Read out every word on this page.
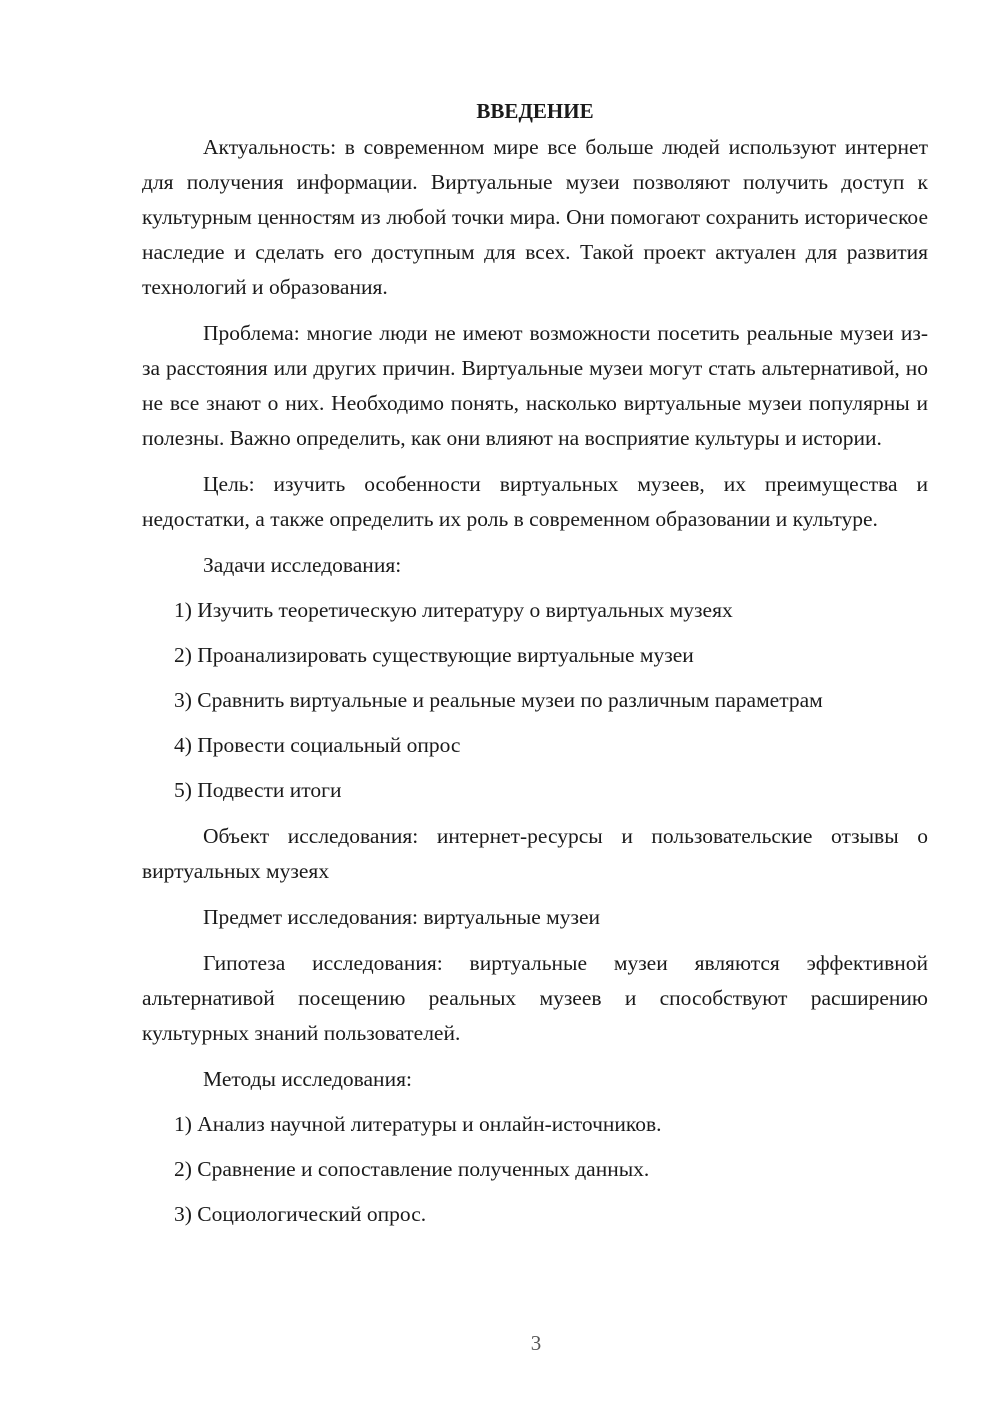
ВВЕДЕНИЕ

Актуальность: в современном мире все больше людей используют интернет для получения информации. Виртуальные музеи позволяют получить доступ к культурным ценностям из любой точки мира. Они помогают сохранить историческое наследие и сделать его доступным для всех. Такой проект актуален для развития технологий и образования.

Проблема: многие люди не имеют возможности посетить реальные музеи из-за расстояния или других причин. Виртуальные музеи могут стать альтернативой, но не все знают о них. Необходимо понять, насколько виртуальные музеи популярны и полезны. Важно определить, как они влияют на восприятие культуры и истории.

Цель: изучить особенности виртуальных музеев, их преимущества и недостатки, а также определить их роль в современном образовании и культуре.

Задачи исследования:

1) Изучить теоретическую литературу о виртуальных музеях
2) Проанализировать существующие виртуальные музеи
3) Сравнить виртуальные и реальные музеи по различным параметрам
4) Провести социальный опрос
5) Подвести итоги

Объект исследования: интернет-ресурсы и пользовательские отзывы о виртуальных музеях

Предмет исследования: виртуальные музеи

Гипотеза исследования: виртуальные музеи являются эффективной альтернативой посещению реальных музеев и способствуют расширению культурных знаний пользователей.

Методы исследования:

1) Анализ научной литературы и онлайн-источников.
2) Сравнение и сопоставление полученных данных.
3) Социологический опрос.
3
